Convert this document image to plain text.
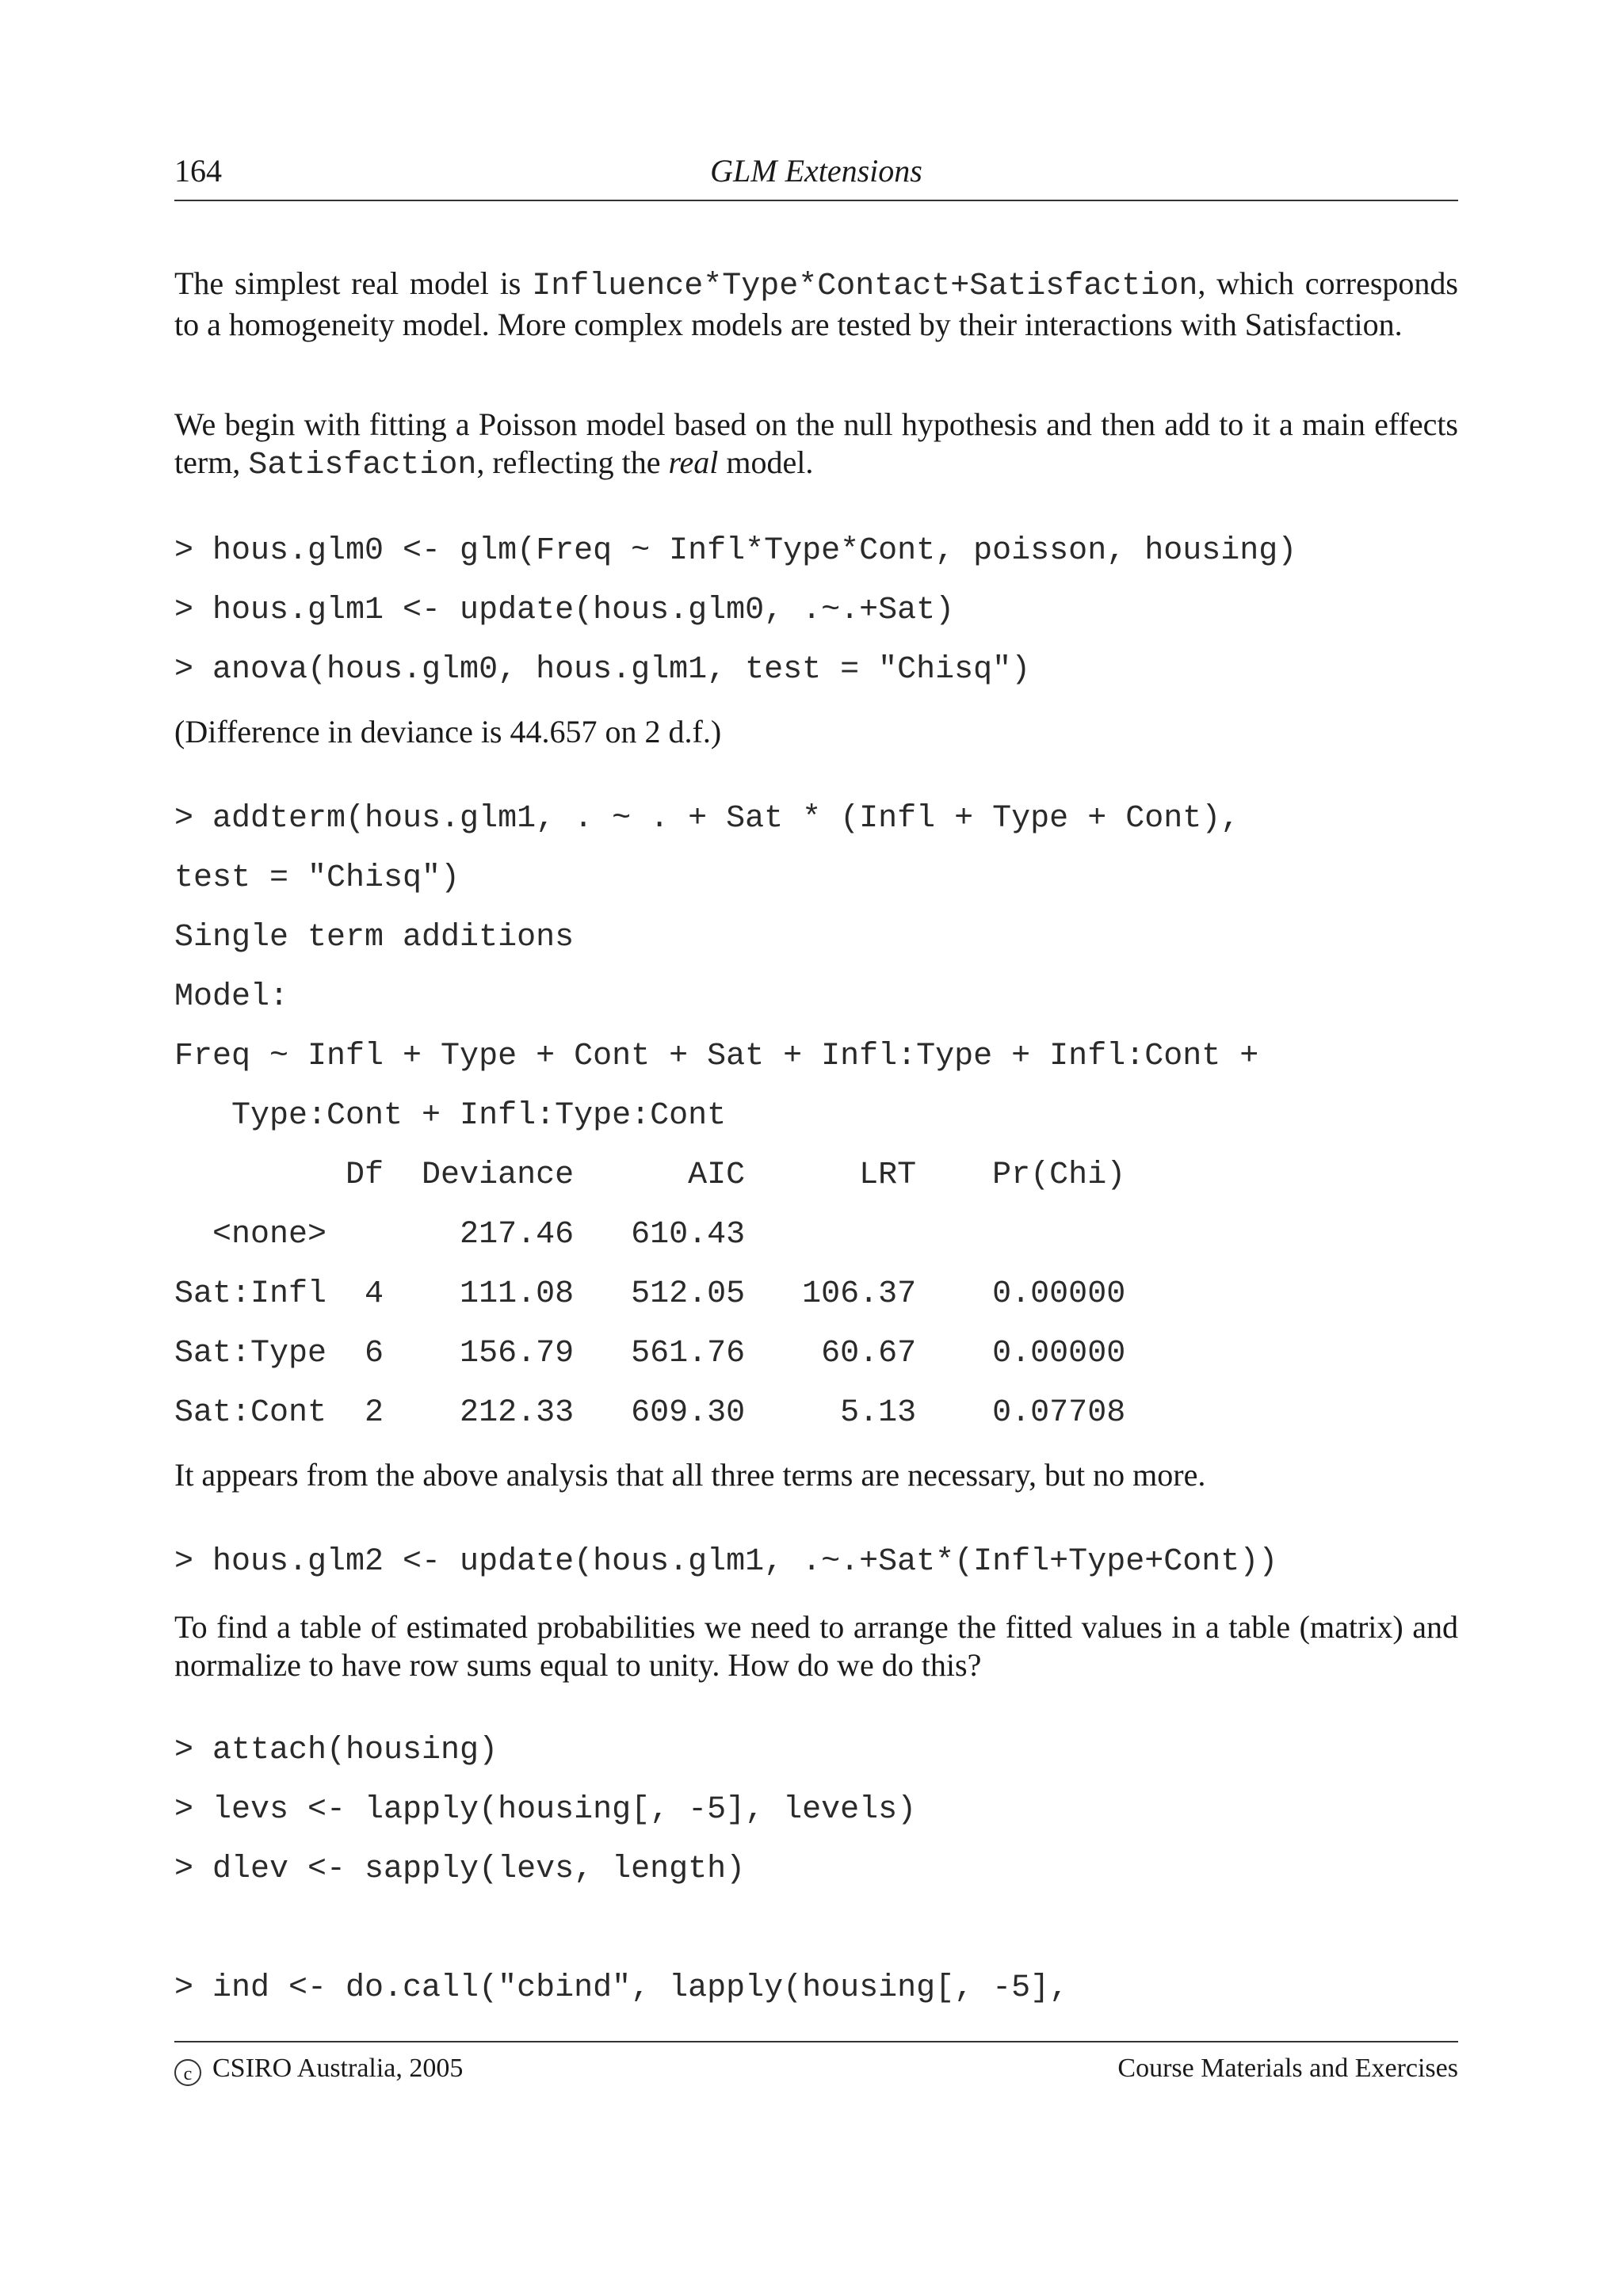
164	GLM Extensions
The simplest real model is Influence*Type*Contact+Satisfaction, which corresponds to a homogeneity model. More complex models are tested by their interactions with Satisfaction.
We begin with fitting a Poisson model based on the null hypothesis and then add to it a main effects term, Satisfaction, reflecting the real model.
> hous.glm0 <- glm(Freq ~ Infl*Type*Cont, poisson, housing)
> hous.glm1 <- update(hous.glm0, .~.+Sat)
> anova(hous.glm0, hous.glm1, test = "Chisq")
(Difference in deviance is 44.657 on 2 d.f.)
> addterm(hous.glm1, . ~ . + Sat * (Infl + Type + Cont),
test = "Chisq")
Single term additions
Model:
Freq ~ Infl + Type + Cont + Sat + Infl:Type + Infl:Cont +
Type:Cont + Infl:Type:Cont
Df  Deviance      AIC      LRT    Pr(Chi)
<none>       217.46   610.43
Sat:Infl  4    111.08   512.05   106.37    0.00000
Sat:Type  6    156.79   561.76    60.67    0.00000
Sat:Cont  2    212.33   609.30     5.13    0.07708
It appears from the above analysis that all three terms are necessary, but no more.
> hous.glm2 <- update(hous.glm1, .~.+Sat*(Infl+Type+Cont))
To find a table of estimated probabilities we need to arrange the fitted values in a table (matrix) and normalize to have row sums equal to unity. How do we do this?
> attach(housing)
> levs <- lapply(housing[, -5], levels)
> dlev <- sapply(levs, length)
> ind <- do.call("cbind", lapply(housing[, -5],
c CSIRO Australia, 2005	Course Materials and Exercises
